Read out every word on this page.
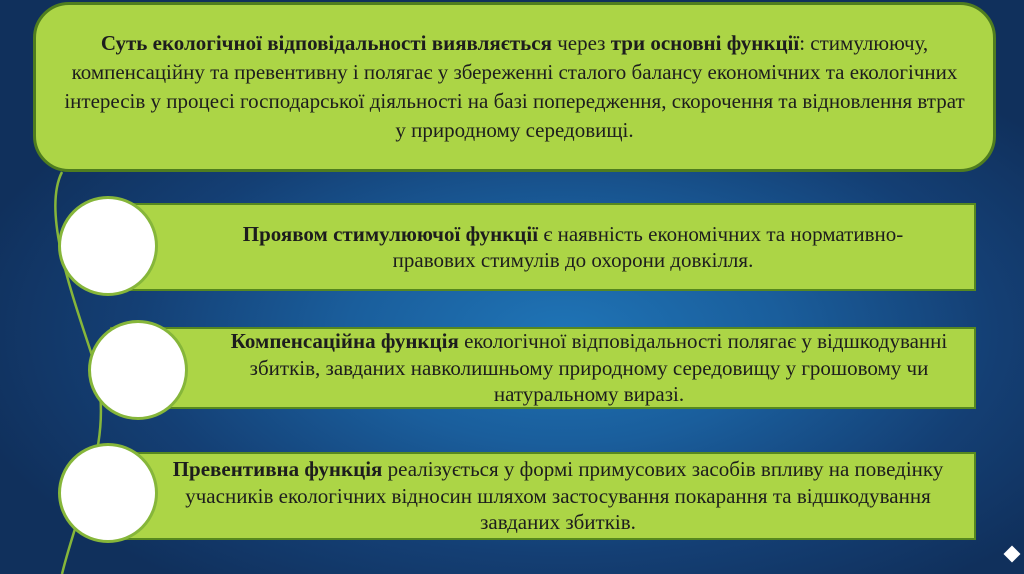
Суть екологічної відповідальності виявляється через три основні функції: стимулюючу, компенсаційну та превентивну і полягає у збереженні сталого балансу економічних та екологічних інтересів у процесі господарської діяльності на базі попередження, скорочення та відновлення втрат у природному середовищі.
Проявом стимулюючої функції є наявність економічних та нормативно-правових стимулів до охорони довкілля.
Компенсаційна функція екологічної відповідальності полягає у відшкодуванні збитків, завданих навколишньому природному середовищу у грошовому чи натуральному виразі.
Превентивна функція реалізується у формі примусових засобів впливу на поведінку учасників екологічних відносин шляхом застосування покарання та відшкодування завданих збитків.
